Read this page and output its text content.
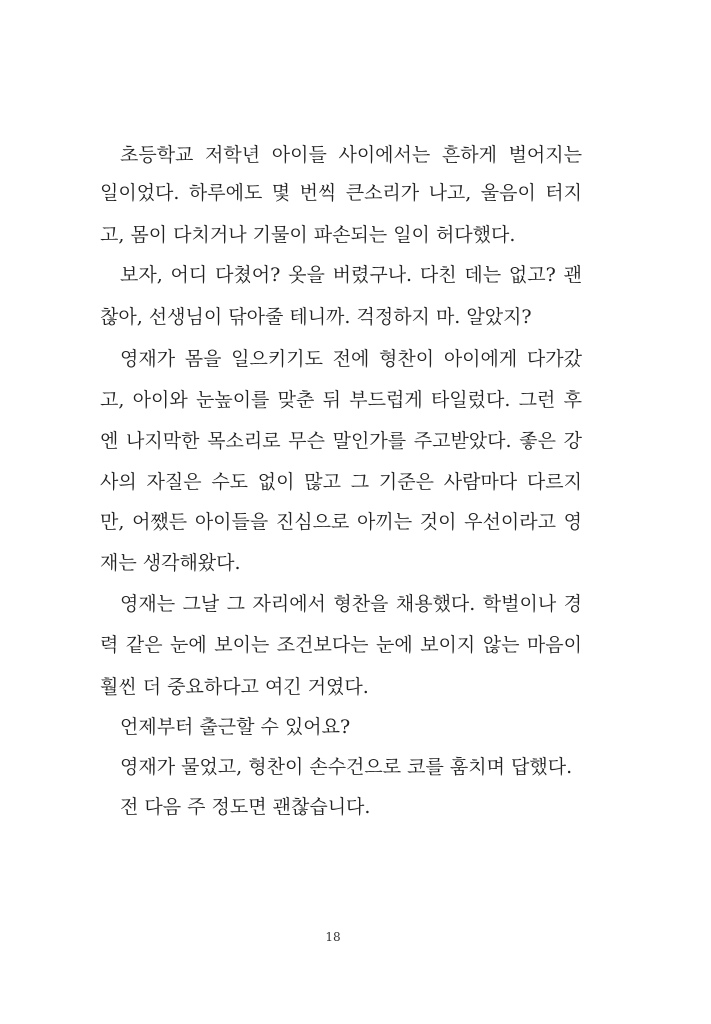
초등학교 저학년 아이들 사이에서는 흔하게 벌어지는
일이었다. 하루에도 몇 번씩 큰소리가 나고, 울음이 터지
고, 몸이 다치거나 기물이 파손되는 일이 허다했다.
보자, 어디 다쳤어? 옷을 버렸구나. 다친 데는 없고? 괜
찮아, 선생님이 닦아줄 테니까. 걱정하지 마. 알았지?
영재가 몸을 일으키기도 전에 형찬이 아이에게 다가갔
고, 아이와 눈높이를 맞춘 뒤 부드럽게 타일렀다. 그런 후
엔 나지막한 목소리로 무슨 말인가를 주고받았다. 좋은 강
사의 자질은 수도 없이 많고 그 기준은 사람마다 다르지
만, 어쨌든 아이들을 진심으로 아끼는 것이 우선이라고 영
재는 생각해왔다.
영재는 그날 그 자리에서 형찬을 채용했다. 학벌이나 경
력 같은 눈에 보이는 조건보다는 눈에 보이지 않는 마음이
훨씬 더 중요하다고 여긴 거였다.
언제부터 출근할 수 있어요?
영재가 물었고, 형찬이 손수건으로 코를 훔치며 답했다.
전 다음 주 정도면 괜찮습니다.
18
